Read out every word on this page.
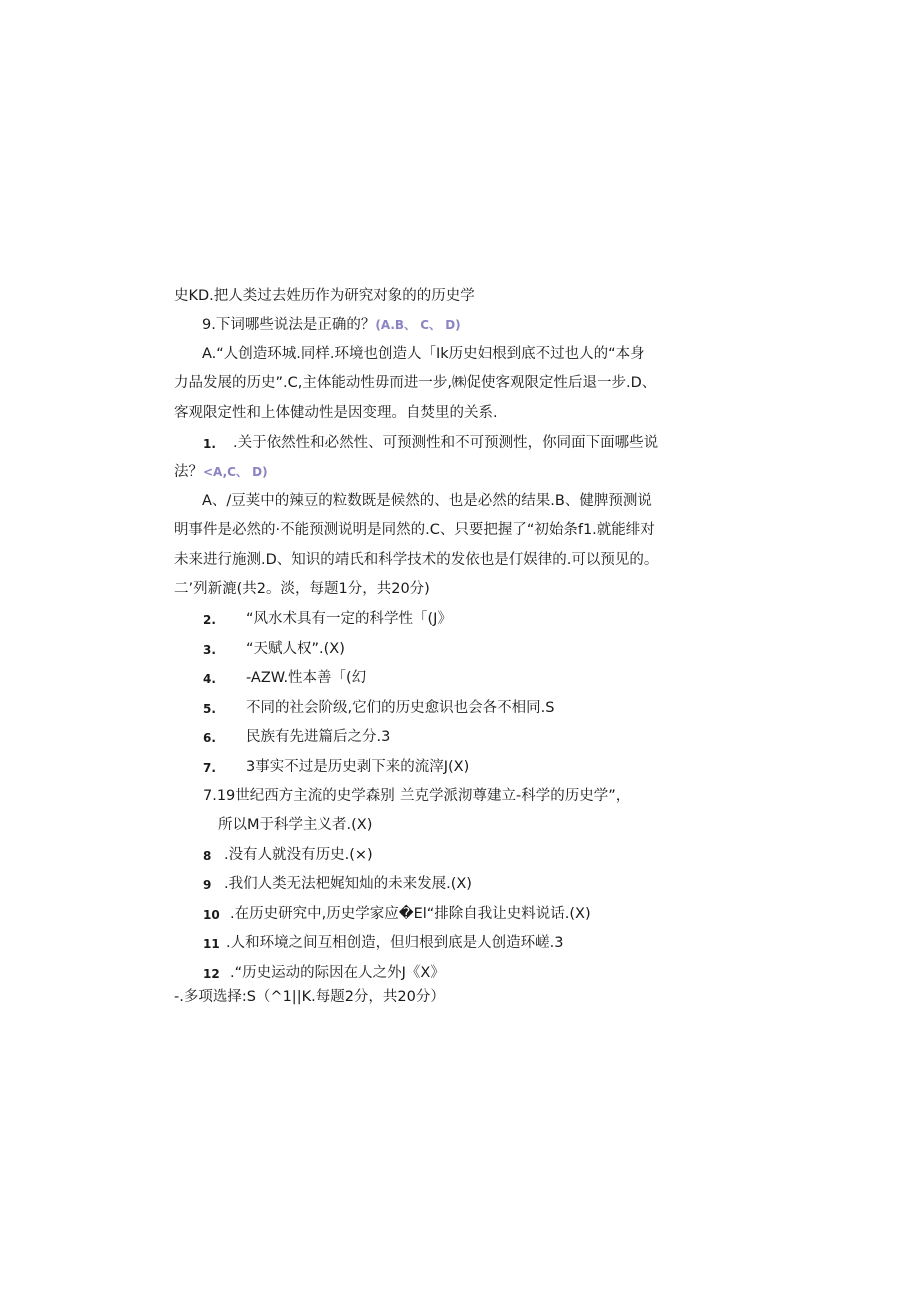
史KD.把人类过去姓历作为研究对象的的历史学
9.下词哪些说法是正确的？(A.B、 C、 D)
A.“人创造环城.同样.环境也创造人「Ik历史妇根到底不过也人的“本身
力品发展的历史”.C,主体能动性毋而进一步,㈱促使客观限定性后退一步.D、
客观限定性和上体健动性是因变理。自焚里的关系.
1. .关于依然性和必然性、可预测性和不可预测性，你同面下面哪些说
法？<A,C、 D)
A、/豆荚中的辣豆的粒数既是候然的、也是必然的结果.B、健脾预测说
明事件是必然的·不能预测说明是同然的.C、只要把握了“初始条f1.就能绯对
未来进行施测.D、知识的靖氏和科学技术的发依也是仃娱律的.可以预见的。
二’列新漉(共2。淡，每题1分，共20分)
2. “风水术具有一定的科学性「(J》
3. “天赋人权”.(X)
4. -AZW.性本善「(幻
5. 不同的社会阶级,它们的历史愈识也会各不相同.S
6. 民族有先进篇后之分.3
7. 3事实不过是历史剥下来的流滓J(X)
7.19世纪西方主流的史学森别 兰克学派沏尊建立-科学的历史学”，
所以M于科学主义者.(X)
8 .没有人就没有历史.(×)
9 .我们人类无法杷娓知灿的未来发展.(X)
10 .在历史研究中,历史学家应�El“排除自我让史料说话.(X)
11 .人和环境之间互相创造，但归根到底是人创造环嵯.3
12 .“历史运动的际因在人之外J《X》
-.多项选择:S（^1||K.每题2分，共20分）
